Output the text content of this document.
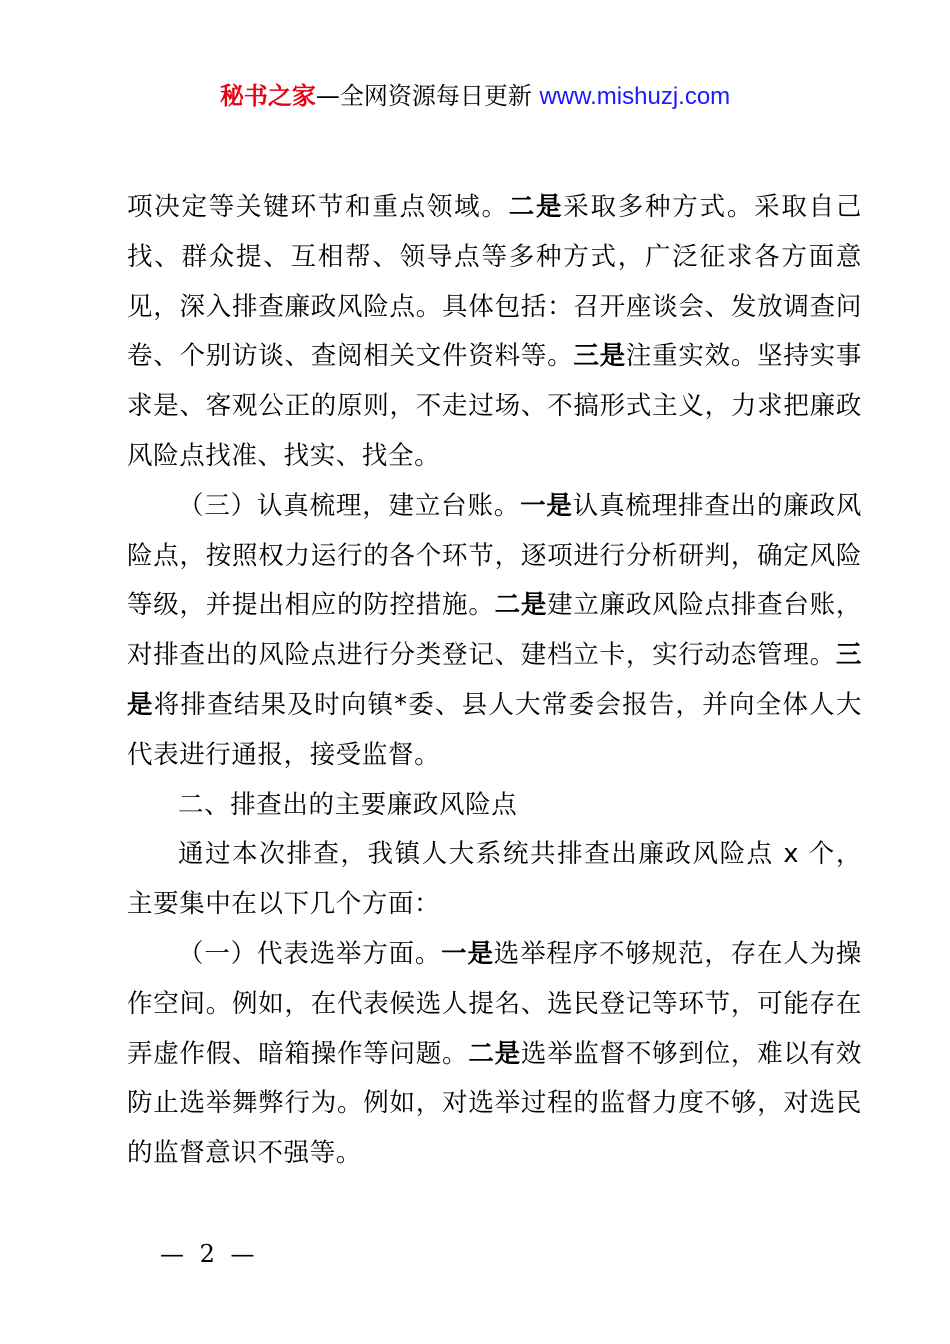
秘书之家—全网资源每日更新 www.mishuzj.com

项决定等关键环节和重点领域。二是采取多种方式。采取自己找、群众提、互相帮、领导点等多种方式，广泛征求各方面意见，深入排查廉政风险点。具体包括：召开座谈会、发放调查问卷、个别访谈、查阅相关文件资料等。三是注重实效。坚持实事求是、客观公正的原则，不走过场、不搞形式主义，力求把廉政风险点找准、找实、找全。

（三）认真梳理，建立台账。一是认真梳理排查出的廉政风险点，按照权力运行的各个环节，逐项进行分析研判，确定风险等级，并提出相应的防控措施。二是建立廉政风险点排查台账，对排查出的风险点进行分类登记、建档立卡，实行动态管理。三是将排查结果及时向镇*委、县人大常委会报告，并向全体人大代表进行通报，接受监督。

二、排查出的主要廉政风险点

通过本次排查，我镇人大系统共排查出廉政风险点 x 个，主要集中在以下几个方面：

（一）代表选举方面。一是选举程序不够规范，存在人为操作空间。例如，在代表候选人提名、选民登记等环节，可能存在弄虚作假、暗箱操作等问题。二是选举监督不够到位，难以有效防止选举舞弊行为。例如，对选举过程的监督力度不够，对选民的监督意识不强等。

— 2 —
